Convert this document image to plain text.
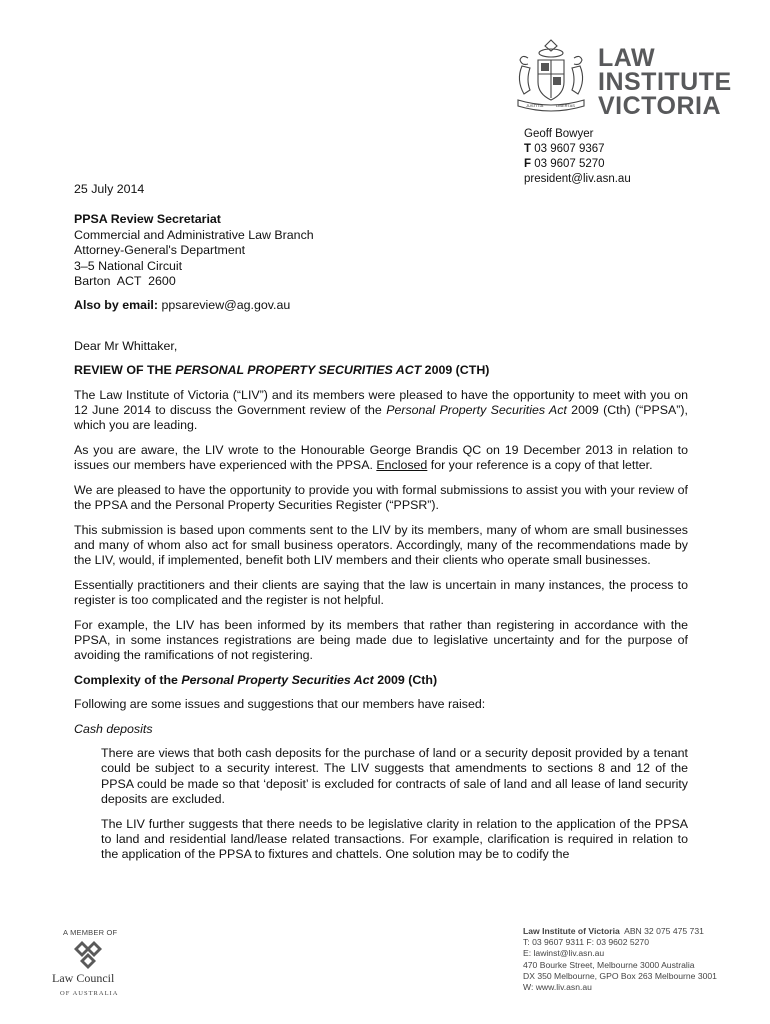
JUSTITIA	LIBERTAS
LAW
INSTITUTE
VICTORIA
Geoff Bowyer
T 03 9607 9367
F 03 9607 5270
president@liv.asn.au

25 July 2014

PPSA Review Secretariat

Commercial and Administrative Law Branch

Attorney-General's Department

3–5 National Circuit

Barton  ACT  2600

Also by email: ppsareview@ag.gov.au

Dear Mr Whittaker,

REVIEW OF THE PERSONAL PROPERTY SECURITIES ACT 2009 (CTH)

The Law Institute of Victoria (“LIV”) and its members were pleased to have the opportunity to meet with you on 12 June 2014 to discuss the Government review of the Personal Property Securities Act 2009 (Cth) (“PPSA”), which you are leading.

As you are aware, the LIV wrote to the Honourable George Brandis QC on 19 December 2013 in relation to issues our members have experienced with the PPSA. Enclosed for your reference is a copy of that letter.

We are pleased to have the opportunity to provide you with formal submissions to assist you with your review of the PPSA and the Personal Property Securities Register (“PPSR”).

This submission is based upon comments sent to the LIV by its members, many of whom are small businesses and many of whom also act for small business operators. Accordingly, many of the recommendations made by the LIV, would, if implemented, benefit both LIV members and their clients who operate small businesses.

Essentially practitioners and their clients are saying that the law is uncertain in many instances, the process to register is too complicated and the register is not helpful.

For example, the LIV has been informed by its members that rather than registering in accordance with the PPSA, in some instances registrations are being made due to legislative uncertainty and for the purpose of avoiding the ramifications of not registering.

Complexity of the Personal Property Securities Act 2009 (Cth)

Following are some issues and suggestions that our members have raised:

Cash deposits

There are views that both cash deposits for the purchase of land or a security deposit provided by a tenant could be subject to a security interest. The LIV suggests that amendments to sections 8 and 12 of the PPSA could be made so that ‘deposit’ is excluded for contracts of sale of land and all lease of land security deposits are excluded.

The LIV further suggests that there needs to be legislative clarity in relation to the application of the PPSA to land and residential land/lease related transactions. For example, clarification is required in relation to the application of the PPSA to fixtures and chattels. One solution may be to codify the

A MEMBER OF
Law Council
OF AUSTRALIA
Law Institute of Victoria ABN 32 075 475 731
T: 03 9607 9311 F: 03 9602 5270
E: lawinst@liv.asn.au
470 Bourke Street, Melbourne 3000 Australia
DX 350 Melbourne, GPO Box 263 Melbourne 3001
W: www.liv.asn.au
